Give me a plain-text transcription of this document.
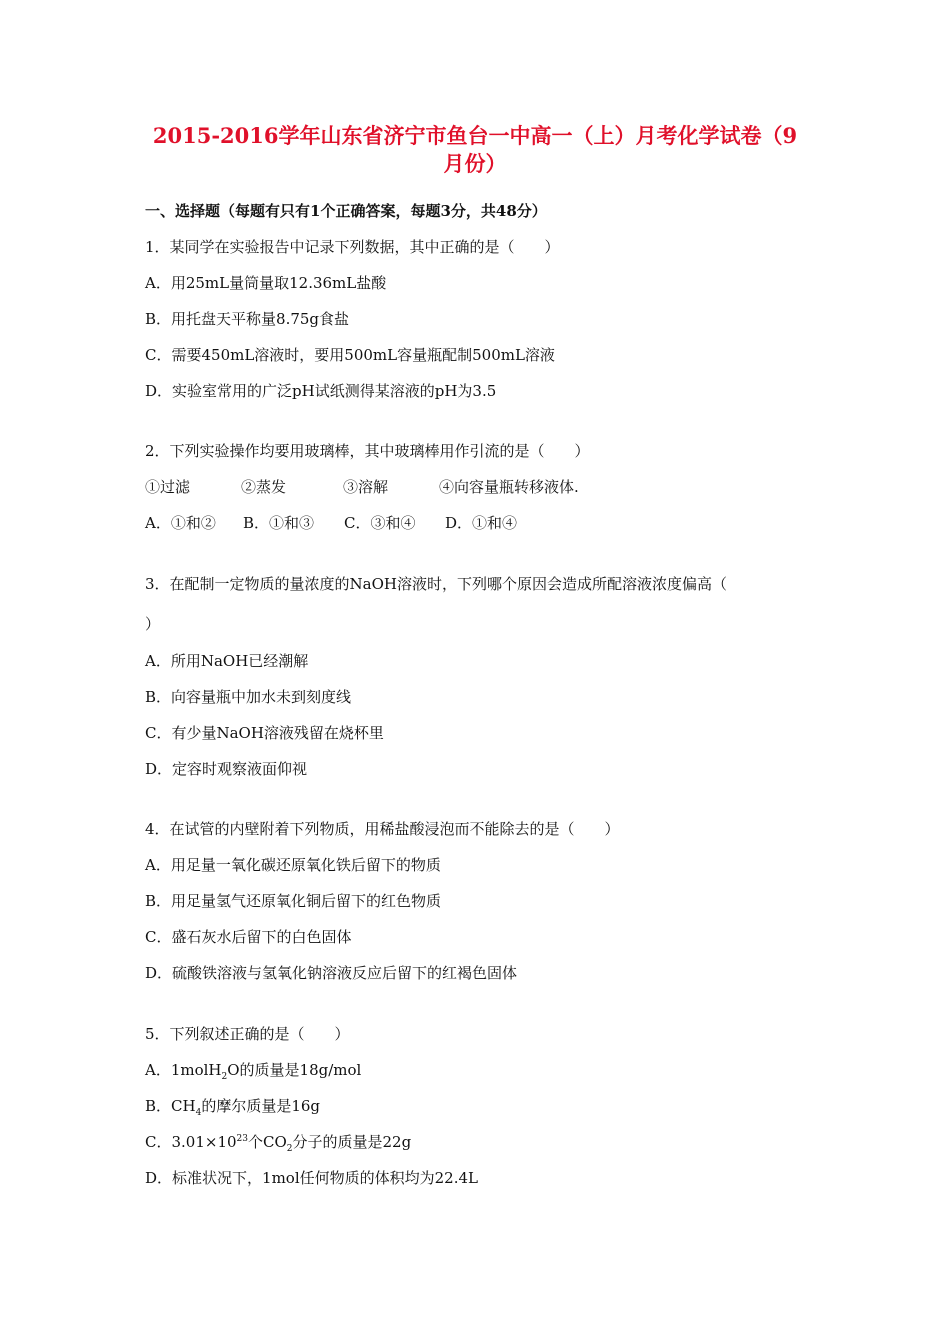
2015-2016学年山东省济宁市鱼台一中高一（上）月考化学试卷（9
月份）
一、选择题（每题有只有1个正确答案，每题3分，共48分）
1．某同学在实验报告中记录下列数据，其中正确的是（　　）
A．用25mL量筒量取12.36mL盐酸
B．用托盘天平称量8.75g食盐
C．需要450mL溶液时，要用500mL容量瓶配制500mL溶液
D．实验室常用的广泛pH试纸测得某溶液的pH为3.5
2．下列实验操作均要用玻璃棒，其中玻璃棒用作引流的是（　　）
①过滤	②蒸发	③溶解	④向容量瓶转移液体.
A．①和② B．①和③ C．③和④ D．①和④
3．在配制一定物质的量浓度的NaOH溶液时，下列哪个原因会造成所配溶液浓度偏高（
）
A．所用NaOH已经潮解
B．向容量瓶中加水未到刻度线
C．有少量NaOH溶液残留在烧杯里
D．定容时观察液面仰视
4．在试管的内壁附着下列物质，用稀盐酸浸泡而不能除去的是（　　）
A．用足量一氧化碳还原氧化铁后留下的物质
B．用足量氢气还原氧化铜后留下的红色物质
C．盛石灰水后留下的白色固体
D．硫酸铁溶液与氢氧化钠溶液反应后留下的红褐色固体
5．下列叙述正确的是（　　）
A．1molH$_2$O的质量是18g/mol
B．$CH_4$的摩尔质量是16g
C．$3.01\times 10^{23}$个$CO_2$分子的质量是22g
D．标准状况下，1mol任何物质的体积均为22.4L
